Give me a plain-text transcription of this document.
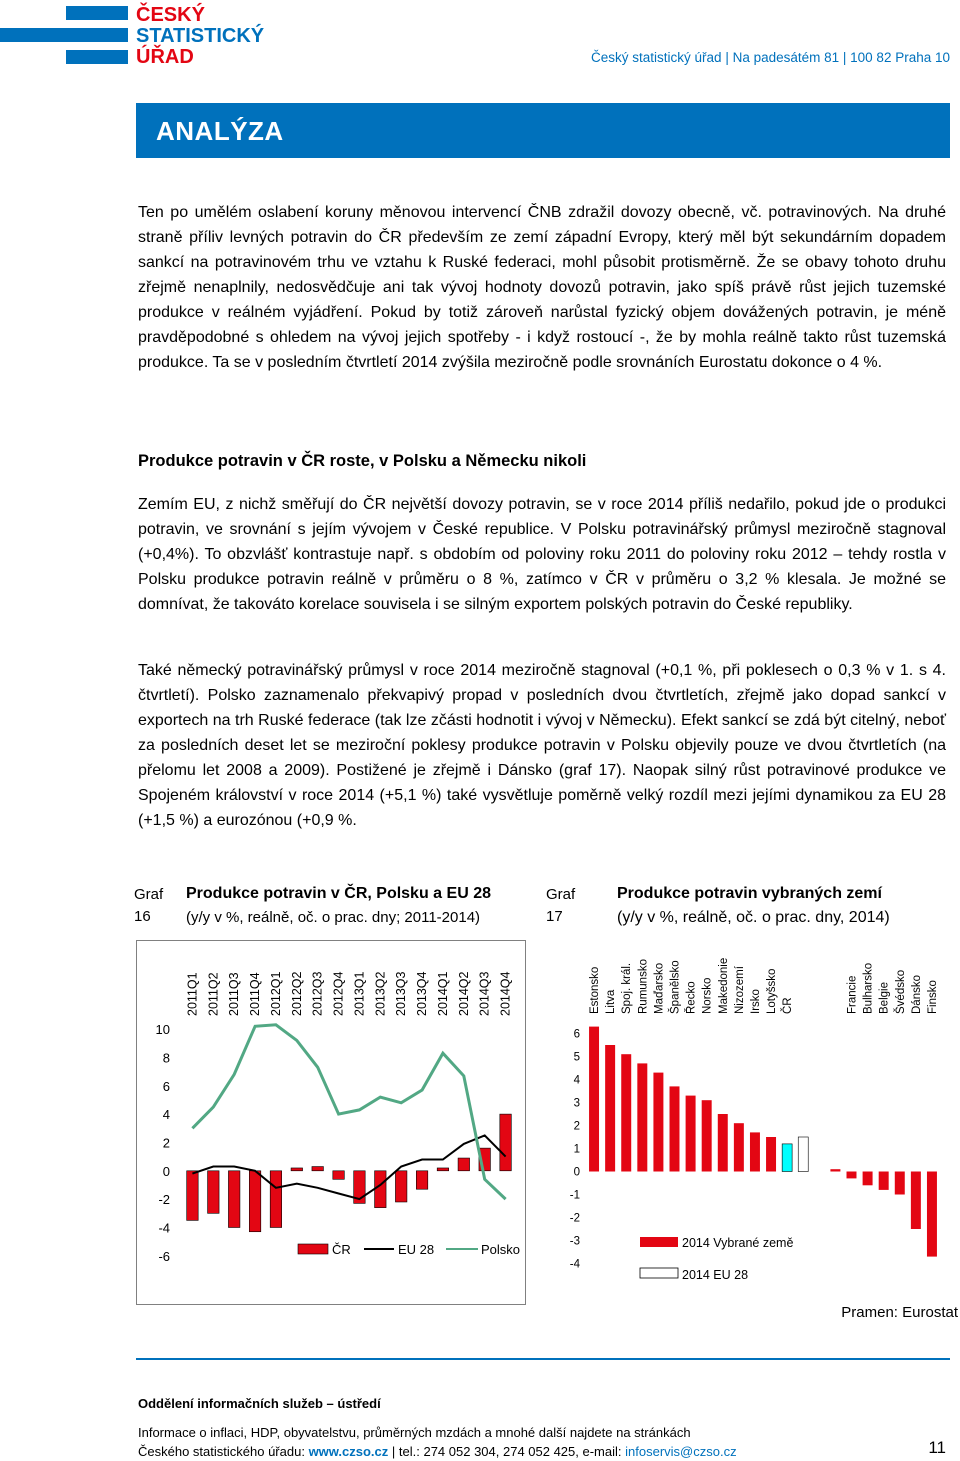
ČESKÝ
STATISTICKÝ
ÚŘAD	Český statistický úřad | Na padesátém 81 | 100 82 Praha 10
ANALÝZA

Ten po umělém oslabení koruny měnovou intervencí ČNB zdražil dovozy obecně, vč. potravinových. Na druhé straně příliv levných potravin do ČR především ze zemí západní Evropy, který měl být sekundárním dopadem sankcí na potravinovém trhu ve vztahu k Ruské federaci, mohl působit protisměrně. Že se obavy tohoto druhu zřejmě nenaplnily, nedosvědčuje ani tak vývoj hodnoty dovozů potravin, jako spíš právě růst jejich tuzemské produkce v reálném vyjádření. Pokud by totiž zároveň narůstal fyzický objem dovážených potravin, je méně pravděpodobné s ohledem na vývoj jejich spotřeby - i když rostoucí -, že by mohla reálně takto růst tuzemská produkce. Ta se v posledním čtvrtletí 2014 zvýšila meziročně podle srovnáních Eurostatu dokonce o 4 %.

Produkce potravin v ČR roste, v Polsku a Německu nikoli

Zemím EU, z nichž směřují do ČR největší dovozy potravin, se v roce 2014 příliš nedařilo, pokud jde o produkci potravin, ve srovnání s jejím vývojem v České republice. V Polsku potravinářský průmysl meziročně stagnoval (+0,4%). To obzvlášť kontrastuje např. s obdobím od poloviny roku 2011 do poloviny roku 2012 – tehdy rostla v Polsku produkce potravin reálně v průměru o 8 %, zatímco v ČR v průměru o 3,2 % klesala. Je možné se domnívat, že takováto korelace souvisela i se silným exportem polských potravin do České republiky.

Také německý potravinářský průmysl v roce 2014 meziročně stagnoval (+0,1 %, při poklesech o 0,3 % v 1. s 4. čtvrtletí). Polsko zaznamenalo překvapivý propad v posledních dvou čtvrtletích, zřejmě jako dopad sankcí v exportech na trh Ruské federace (tak lze zčásti hodnotit i vývoj v Německu). Efekt sankcí se zdá být citelný, neboť za posledních deset let se meziroční poklesy produkce potravin v Polsku objevily pouze ve dvou čtvrtletích (na přelomu let 2008 a 2009). Postižené je zřejmě i Dánsko (graf 17). Naopak silný růst potravinové produkce ve Spojeném království v roce 2014 (+5,1 %) také vysvětluje poměrně velký rozdíl mezi jejími dynamikou za EU 28 (+1,5 %) a eurozónou (+0,9 %.

Graf 16
Produkce potravin v ČR, Polsku a EU 28
(y/y v %, reálně, oč. o prac. dny; 2011-2014)
Graf 17
Produkce potravin vybraných zemí
(y/y v %, reálně, oč. o prac. dny, 2014)
10
8
6
4
2
0
-2
-4
-6
2011Q1 2011Q2 2011Q3 2011Q4 2012Q1 2012Q2 2012Q3 2012Q4 2013Q1 2013Q2 2013Q3 2013Q4 2014Q1 2014Q2 2014Q3 2014Q4
ČR	EU 28	Polsko
6
5
4
3
2
1
0
-1
-2
-3
-4
Estonsko Litva Spoj. král. Rumunsko Maďarsko Španělsko Řecko Norsko Makedonie Nizozemí Irsko Lotyšsko ČR	Francie Bulharsko Belgie Švédsko Dánsko Finsko
2014 Vybrané země
2014 EU 28
Pramen: Eurostat
Oddělení informačních služeb – ústředí
Informace o inflaci, HDP, obyvatelstvu, průměrných mzdách a mnohé další najdete na stránkách
Českého statistického úřadu: www.czso.cz | tel.: 274 052 304, 274 052 425, e-mail: infoservis@czso.cz	11
